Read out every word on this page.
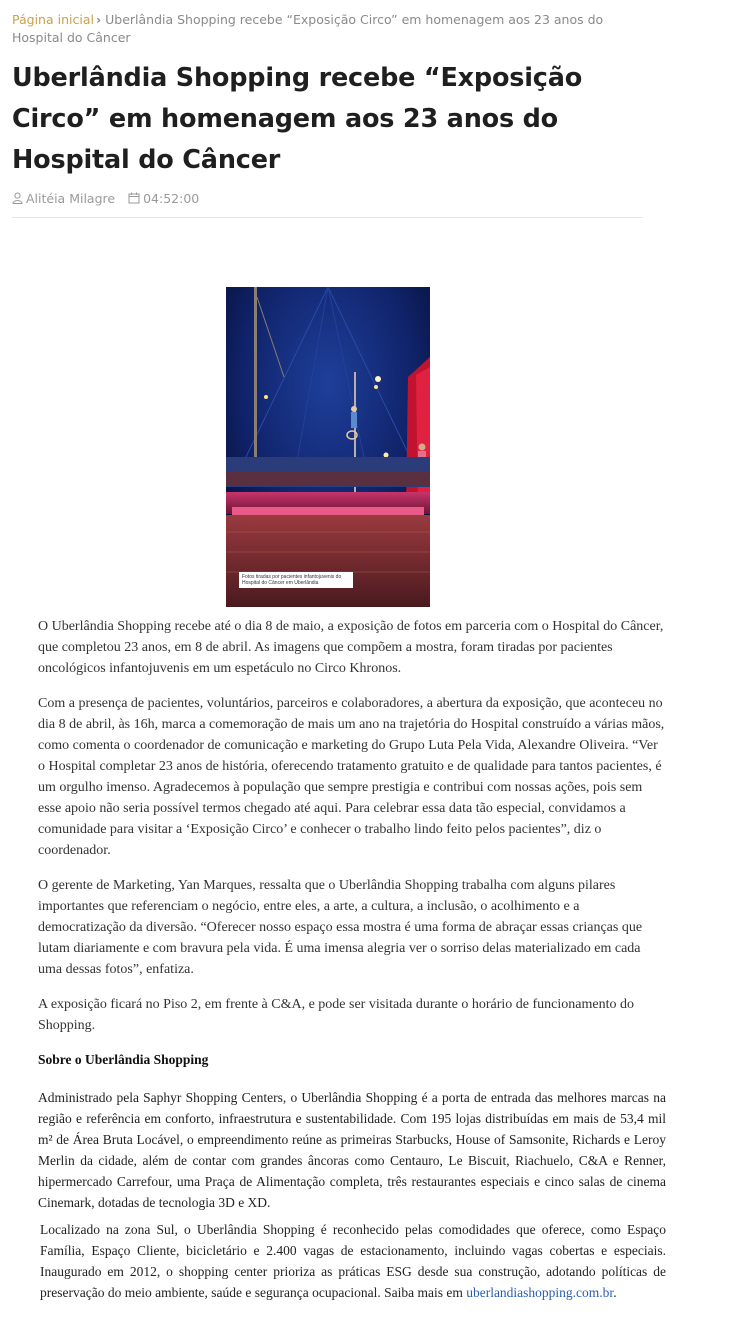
Página inicial › Uberlândia Shopping recebe “Exposição Circo” em homenagem aos 23 anos do Hospital do Câncer
Uberlândia Shopping recebe “Exposição Circo” em homenagem aos 23 anos do Hospital do Câncer
Alitéia Milagre 04:52:00
Fotos tiradas por pacientes infantojuvenis do Hospital do Câncer em Uberlândia

O Uberlândia Shopping recebe até o dia 8 de maio, a exposição de fotos em parceria com o Hospital do Câncer, que completou 23 anos, em 8 de abril. As imagens que compõem a mostra, foram tiradas por pacientes oncológicos infantojuvenis em um espetáculo no Circo Khronos.

Com a presença de pacientes, voluntários, parceiros e colaboradores, a abertura da exposição, que aconteceu no dia 8 de abril, às 16h, marca a comemoração de mais um ano na trajetória do Hospital construído a várias mãos, como comenta o coordenador de comunicação e marketing do Grupo Luta Pela Vida, Alexandre Oliveira. “Ver o Hospital completar 23 anos de história, oferecendo tratamento gratuito e de qualidade para tantos pacientes, é um orgulho imenso. Agradecemos à população que sempre prestigia e contribui com nossas ações, pois sem esse apoio não seria possível termos chegado até aqui. Para celebrar essa data tão especial, convidamos a comunidade para visitar a ‘Exposição Circo’ e conhecer o trabalho lindo feito pelos pacientes”, diz o coordenador.

O gerente de Marketing, Yan Marques, ressalta que o Uberlândia Shopping trabalha com alguns pilares importantes que referenciam o negócio, entre eles, a arte, a cultura, a inclusão, o acolhimento e a democratização da diversão. “Oferecer nosso espaço essa mostra é uma forma de abraçar essas crianças que lutam diariamente e com bravura pela vida. É uma imensa alegria ver o sorriso delas materializado em cada uma dessas fotos”, enfatiza.

A exposição ficará no Piso 2, em frente à C&A, e pode ser visitada durante o horário de funcionamento do Shopping.

Sobre o Uberlândia Shopping

Administrado pela Saphyr Shopping Centers, o Uberlândia Shopping é a porta de entrada das melhores marcas na região e referência em conforto, infraestrutura e sustentabilidade. Com 195 lojas distribuídas em mais de 53,4 mil m² de Área Bruta Locável, o empreendimento reúne as primeiras Starbucks, House of Samsonite, Richards e Leroy Merlin da cidade, além de contar com grandes âncoras como Centauro, Le Biscuit, Riachuelo, C&A e Renner, hipermercado Carrefour, uma Praça de Alimentação completa, três restaurantes especiais e cinco salas de cinema Cinemark, dotadas de tecnologia 3D e XD.

Localizado na zona Sul, o Uberlândia Shopping é reconhecido pelas comodidades que oferece, como Espaço Família, Espaço Cliente, bicicletário e 2.400 vagas de estacionamento, incluindo vagas cobertas e especiais. Inaugurado em 2012, o shopping center prioriza as práticas ESG desde sua construção, adotando políticas de preservação do meio ambiente, saúde e segurança ocupacional. Saiba mais em uberlandiashopping.com.br.
